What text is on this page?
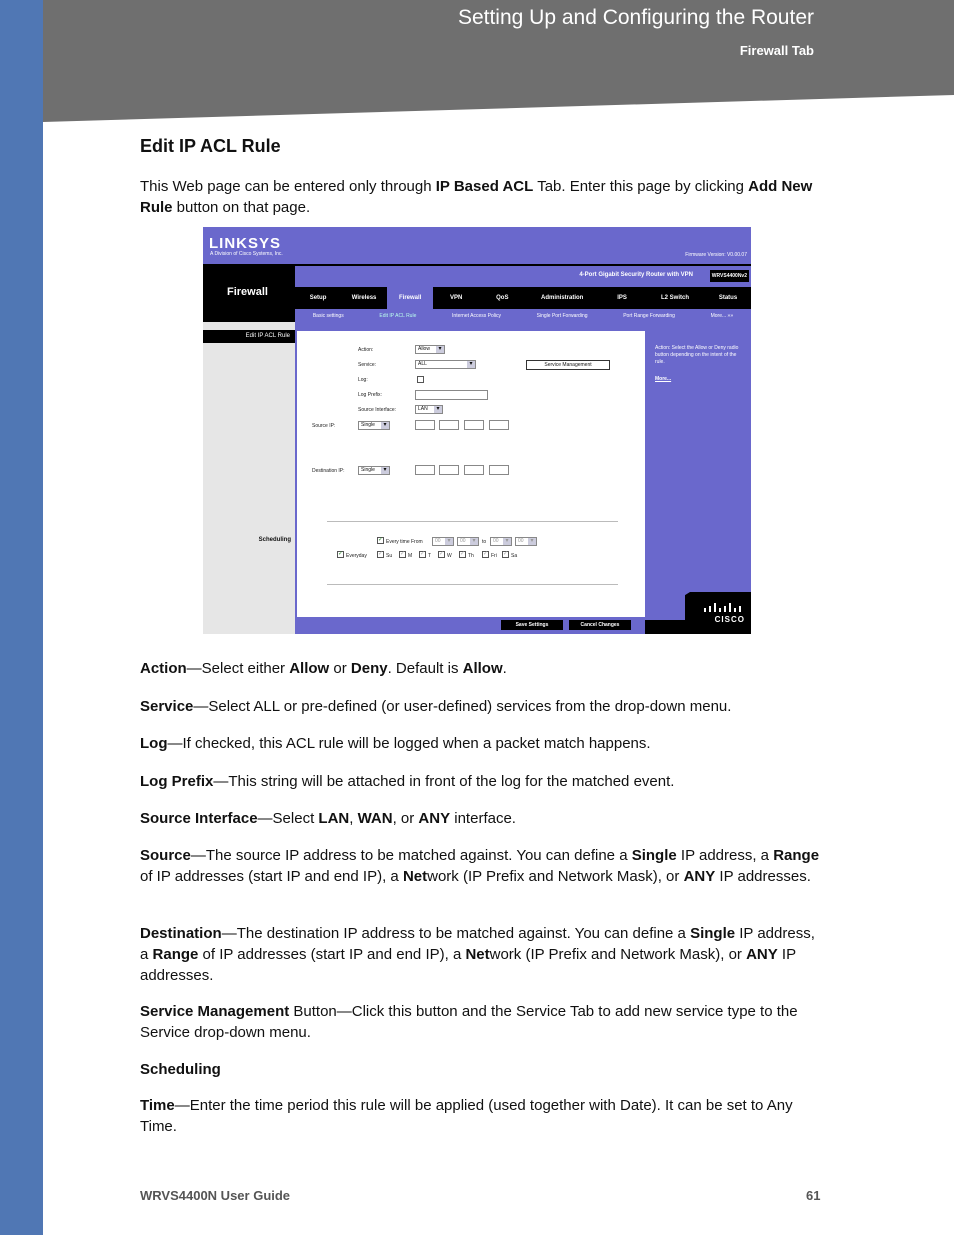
Setting Up and Configuring the Router
Firewall Tab
Edit IP ACL Rule
This Web page can be entered only through IP Based ACL Tab. Enter this page by clicking Add New Rule button on that page.
LINKSYS
A Division of Cisco Systems, Inc.	Firmware Version: V0.00.07
Firewall
4-Port Gigabit Security Router with VPN	WRVS4400Nv2
Setup	Wireless	Firewall	VPN	QoS	Administration	IPS	L2 Switch	Status
Basic settings	Edit IP ACL Rule	Internet Access Policy	Single Port Forwarding	Port Range Forwarding	More... »»
Edit IP ACL Rule
Scheduling
Action:	Allow ▾
Service:	ALL ▾	Service Management
Log:
Log Prefix:
Source Interface:	LAN ▾
Source IP:	Single ▾
Destination IP:	Single ▾
✓ Every time From	00 ▾	00 ▾	to	00 ▾	00 ▾
✓ Everyday ✓ Su ✓ M ✓ T ✓ W ✓ Th ✓ Fri ✓ Sa
Action: Select the Allow or Deny radio button depending on the intent of the rule.
More...
CISCO
Save Settings	Cancel Changes
Action—Select either Allow or Deny. Default is Allow.
Service—Select ALL or pre-defined (or user-defined) services from the drop-down menu.
Log—If checked, this ACL rule will be logged when a packet match happens.
Log Prefix—This string will be attached in front of the log for the matched event.
Source Interface—Select LAN, WAN, or ANY interface.
Source—The source IP address to be matched against. You can define a Single IP address, a Range of IP addresses (start IP and end IP), a Network (IP Prefix and Network Mask), or ANY IP addresses.
Destination—The destination IP address to be matched against. You can define a Single IP address, a Range of IP addresses (start IP and end IP), a Network (IP Prefix and Network Mask), or ANY IP addresses.
Service Management Button—Click this button and the Service Tab to add new service type to the Service drop-down menu.
Scheduling
Time—Enter the time period this rule will be applied (used together with Date). It can be set to Any Time.
WRVS4400N User Guide	61
